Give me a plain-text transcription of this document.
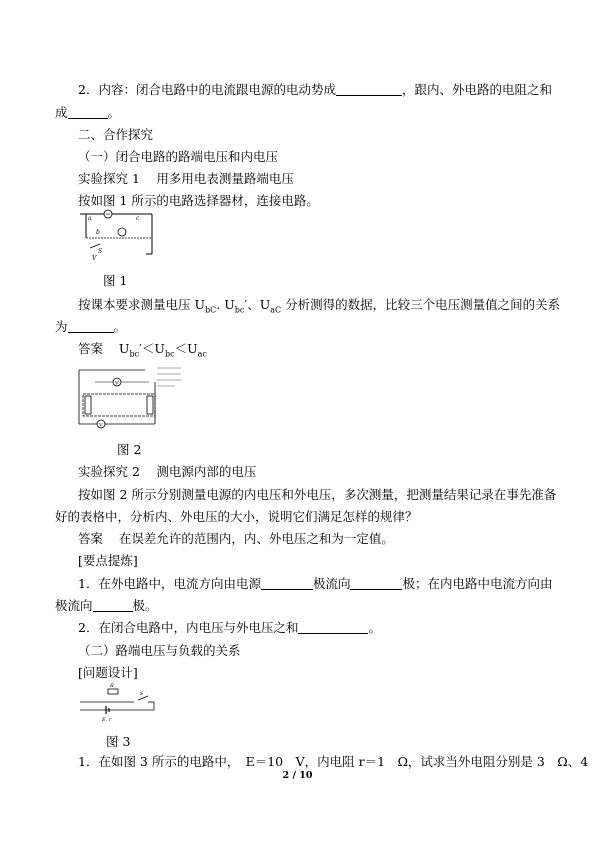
2．内容：闭合电路中的电流跟电源的电动势成	，跟内、外电路的电阻之和
成	。
二、合作探究
（一）闭合电路的路端电压和内电压
实验探究 1　 用多用电表测量路端电压
按如图 1 所示的电路选择器材，连接电路。
a	c
b
S
V
图 1
按课本要求测量电压 $U_{bC}$. $U_{bc}'$、$U_{aC}$ 分析测得的数据，比较三个电压测量值之间的关系
为	。
答案 $U_{bc}'<U_{bc}<U_{ac}$
V
V
图 2
实验探究 2　 测电源内部的电压
按如图 2 所示分别测量电源的内电压和外电压，多次测量，把测量结果记录在事先准备
好的表格中，分析内、外电压的大小，说明它们满足怎样的规律？
答案 在误差允许的范围内，内、外电压之和为一定值。
[要点提炼]
1．在外电路中，电流方向由电源	极流向	极；在内电路中电流方向由
极流向	极。
2．在闭合电路中，内电压与外电压之和	。
（二）路端电压与负载的关系
[问题设计]
R
E, r
S
图 3
1．在如图 3 所示的电路中，　E＝10　V，内电阻 r＝1　Ω，试求当外电阻分别是 3　Ω、4
2 / 10
